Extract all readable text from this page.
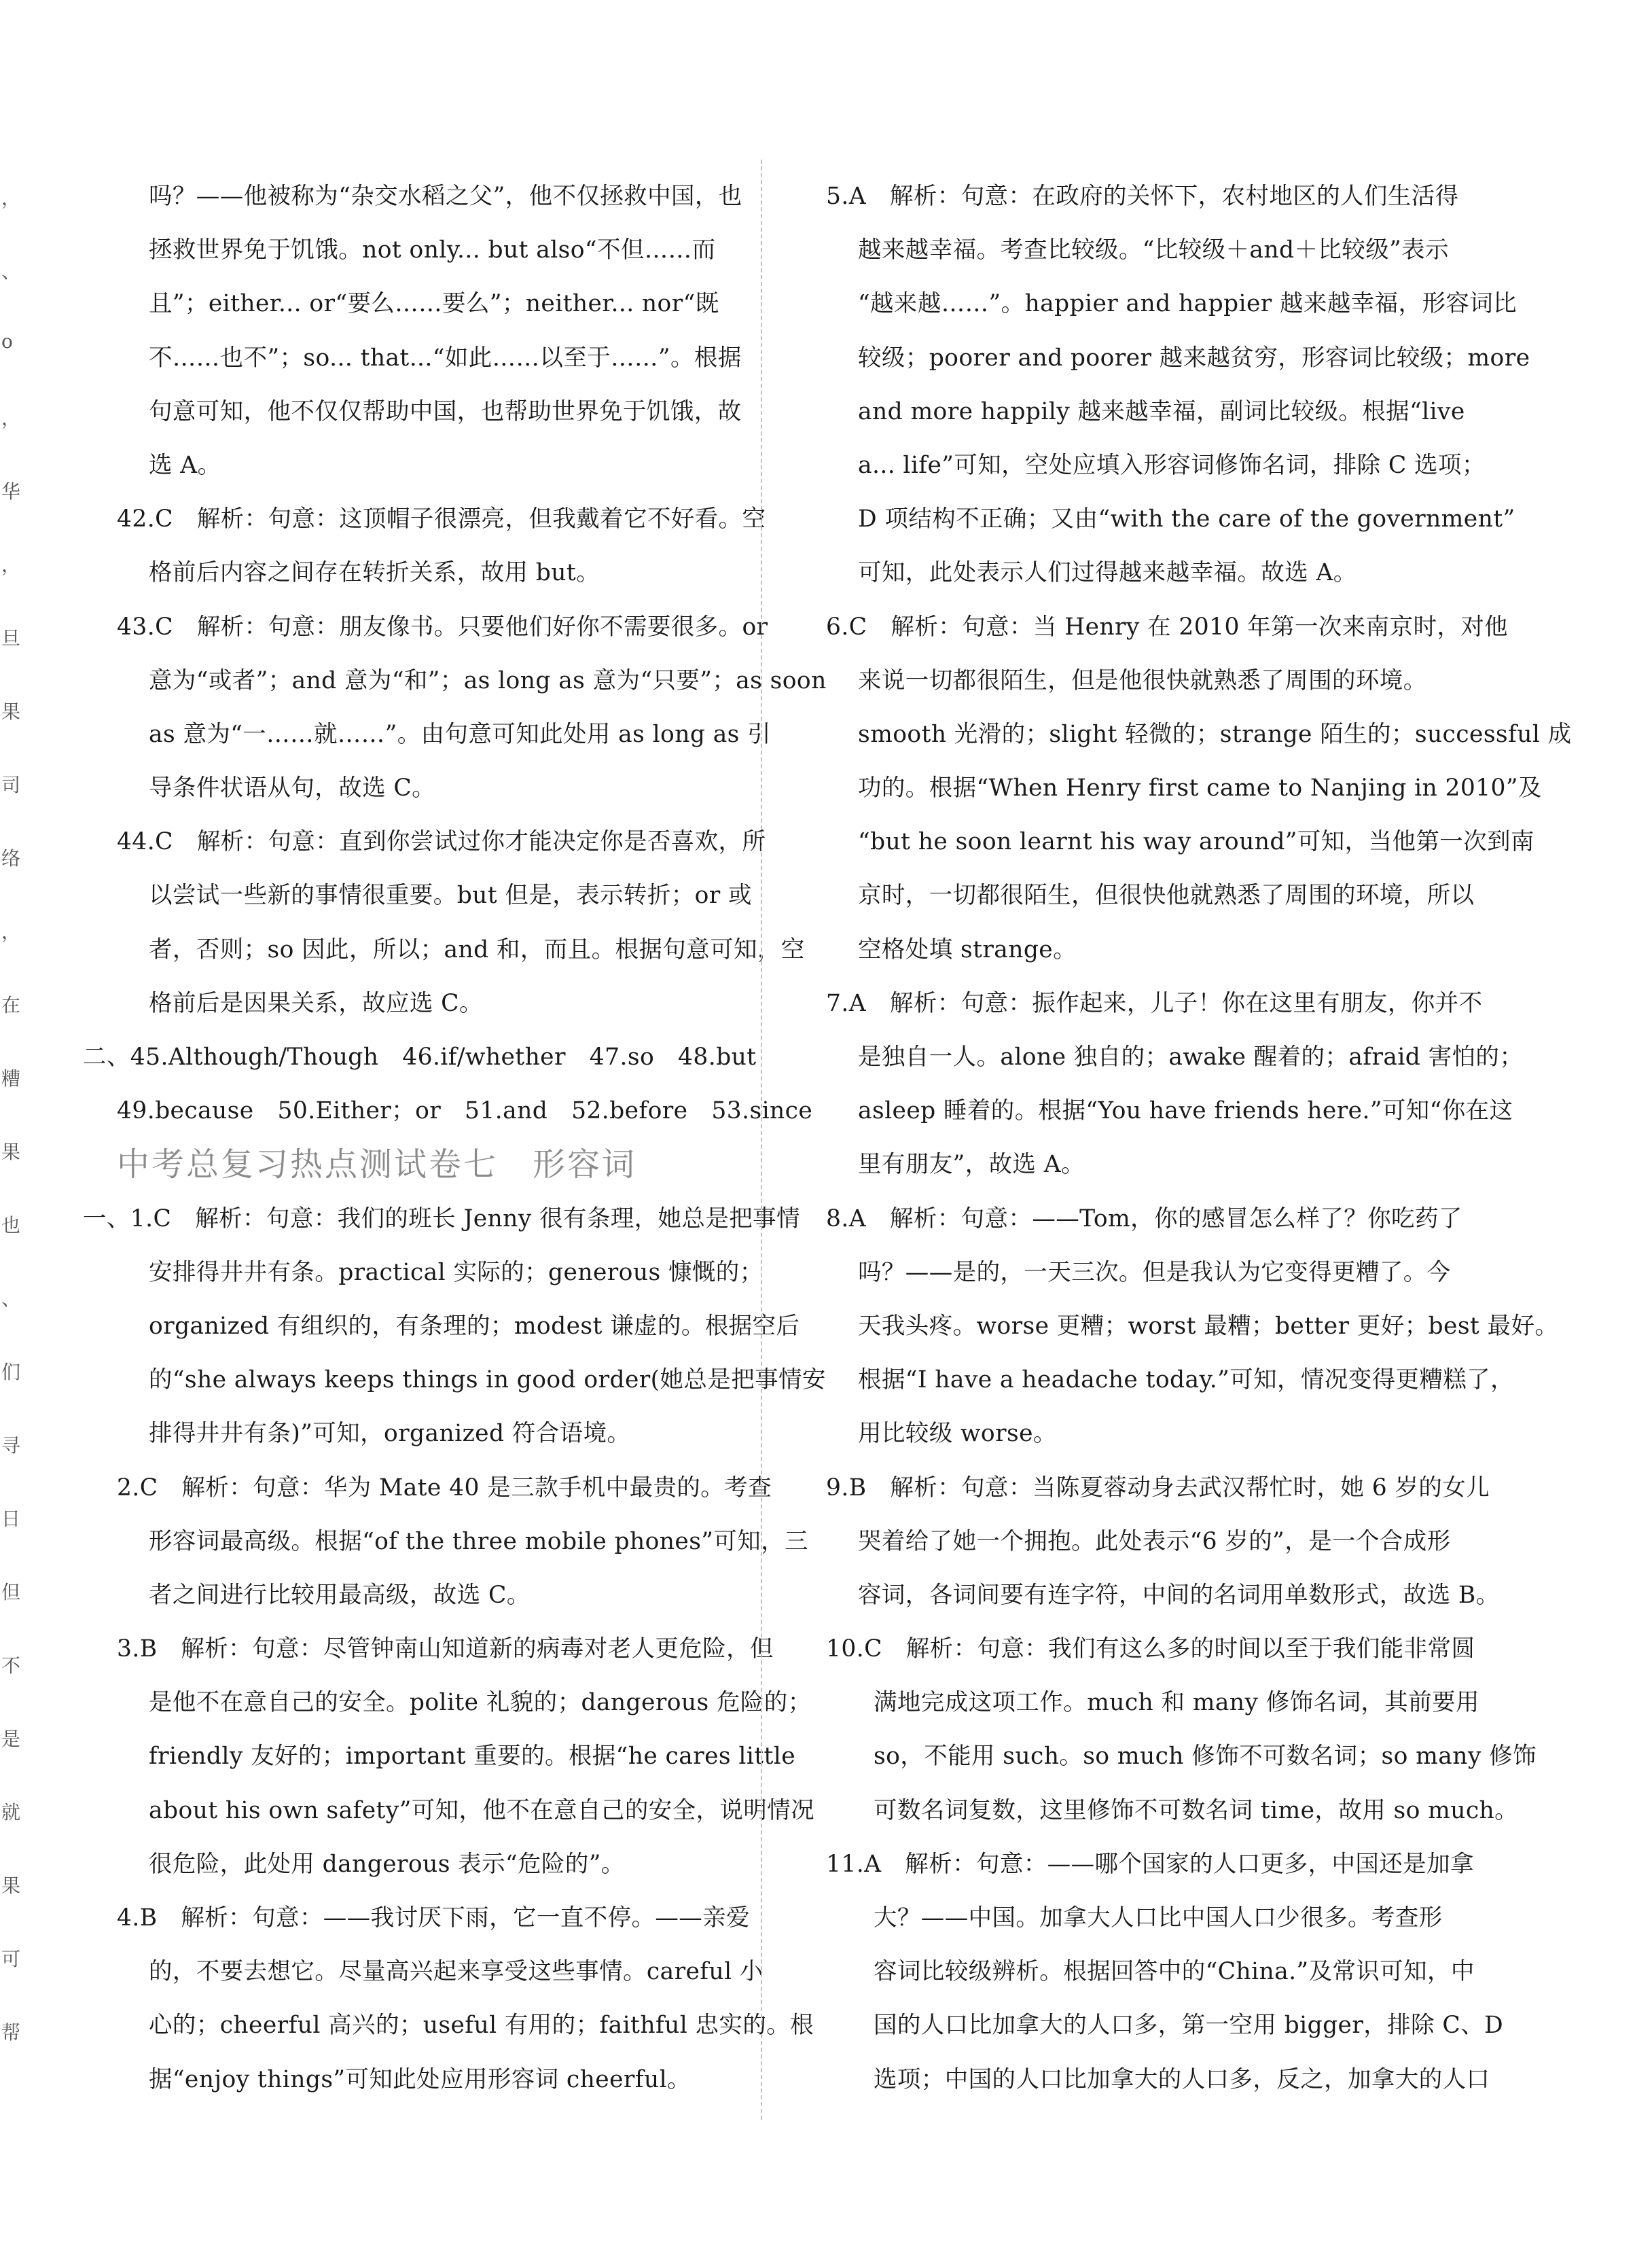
，
、
o
，
华
，
旦
果
司
络
，
在
糟
果
也
、
们
寻
日
但
不
是
就
果
可
帮
吗？——他被称为“杂交水稻之父”，他不仅拯救中国，也
拯救世界免于饥饿。not only... but also“不但……而
且”；either... or“要么……要么”；neither... nor“既
不……也不”；so... that...“如此……以至于……”。根据
句意可知，他不仅仅帮助中国，也帮助世界免于饥饿，故
选 A。
42.C　解析：句意：这顶帽子很漂亮，但我戴着它不好看。空
格前后内容之间存在转折关系，故用 but。
43.C　解析：句意：朋友像书。只要他们好你不需要很多。or
意为“或者”；and 意为“和”；as long as 意为“只要”；as soon
as 意为“一……就……”。由句意可知此处用 as long as 引
导条件状语从句，故选 C。
44.C　解析：句意：直到你尝试过你才能决定你是否喜欢，所
以尝试一些新的事情很重要。but 但是，表示转折；or 或
者，否则；so 因此，所以；and 和，而且。根据句意可知，空
格前后是因果关系，故应选 C。
二、45.Although/Though　46.if/whether　47.so　48.but
49.because　50.Either；or　51.and　52.before　53.since
中考总复习热点测试卷七　形容词
一、1.C　解析：句意：我们的班长 Jenny 很有条理，她总是把事情
安排得井井有条。practical 实际的；generous 慷慨的；
organized 有组织的，有条理的；modest 谦虚的。根据空后
的“she always keeps things in good order(她总是把事情安
排得井井有条)”可知，organized 符合语境。
2.C　解析：句意：华为 Mate 40 是三款手机中最贵的。考查
形容词最高级。根据“of the three mobile phones”可知，三
者之间进行比较用最高级，故选 C。
3.B　解析：句意：尽管钟南山知道新的病毒对老人更危险，但
是他不在意自己的安全。polite 礼貌的；dangerous 危险的；
friendly 友好的；important 重要的。根据“he cares little
about his own safety”可知，他不在意自己的安全，说明情况
很危险，此处用 dangerous 表示“危险的”。
4.B　解析：句意：——我讨厌下雨，它一直不停。——亲爱
的，不要去想它。尽量高兴起来享受这些事情。careful 小
心的；cheerful 高兴的；useful 有用的；faithful 忠实的。根
据“enjoy things”可知此处应用形容词 cheerful。
5.A　解析：句意：在政府的关怀下，农村地区的人们生活得
越来越幸福。考查比较级。“比较级＋and＋比较级”表示
“越来越……”。happier and happier 越来越幸福，形容词比
较级；poorer and poorer 越来越贫穷，形容词比较级；more
and more happily 越来越幸福，副词比较级。根据“live
a... life”可知，空处应填入形容词修饰名词，排除 C 选项；
D 项结构不正确；又由“with the care of the government”
可知，此处表示人们过得越来越幸福。故选 A。
6.C　解析：句意：当 Henry 在 2010 年第一次来南京时，对他
来说一切都很陌生，但是他很快就熟悉了周围的环境。
smooth 光滑的；slight 轻微的；strange 陌生的；successful 成
功的。根据“When Henry first came to Nanjing in 2010”及
“but he soon learnt his way around”可知，当他第一次到南
京时，一切都很陌生，但很快他就熟悉了周围的环境，所以
空格处填 strange。
7.A　解析：句意：振作起来，儿子！你在这里有朋友，你并不
是独自一人。alone 独自的；awake 醒着的；afraid 害怕的；
asleep 睡着的。根据“You have friends here.”可知“你在这
里有朋友”，故选 A。
8.A　解析：句意：——Tom，你的感冒怎么样了？你吃药了
吗？——是的，一天三次。但是我认为它变得更糟了。今
天我头疼。worse 更糟；worst 最糟；better 更好；best 最好。
根据“I have a headache today.”可知，情况变得更糟糕了，
用比较级 worse。
9.B　解析：句意：当陈夏蓉动身去武汉帮忙时，她 6 岁的女儿
哭着给了她一个拥抱。此处表示“6 岁的”，是一个合成形
容词，各词间要有连字符，中间的名词用单数形式，故选 B。
10.C　解析：句意：我们有这么多的时间以至于我们能非常圆
满地完成这项工作。much 和 many 修饰名词，其前要用
so，不能用 such。so much 修饰不可数名词；so many 修饰
可数名词复数，这里修饰不可数名词 time，故用 so much。
11.A　解析：句意：——哪个国家的人口更多，中国还是加拿
大？——中国。加拿大人口比中国人口少很多。考查形
容词比较级辨析。根据回答中的“China.”及常识可知，中
国的人口比加拿大的人口多，第一空用 bigger，排除 C、D
选项；中国的人口比加拿大的人口多，反之，加拿大的人口
